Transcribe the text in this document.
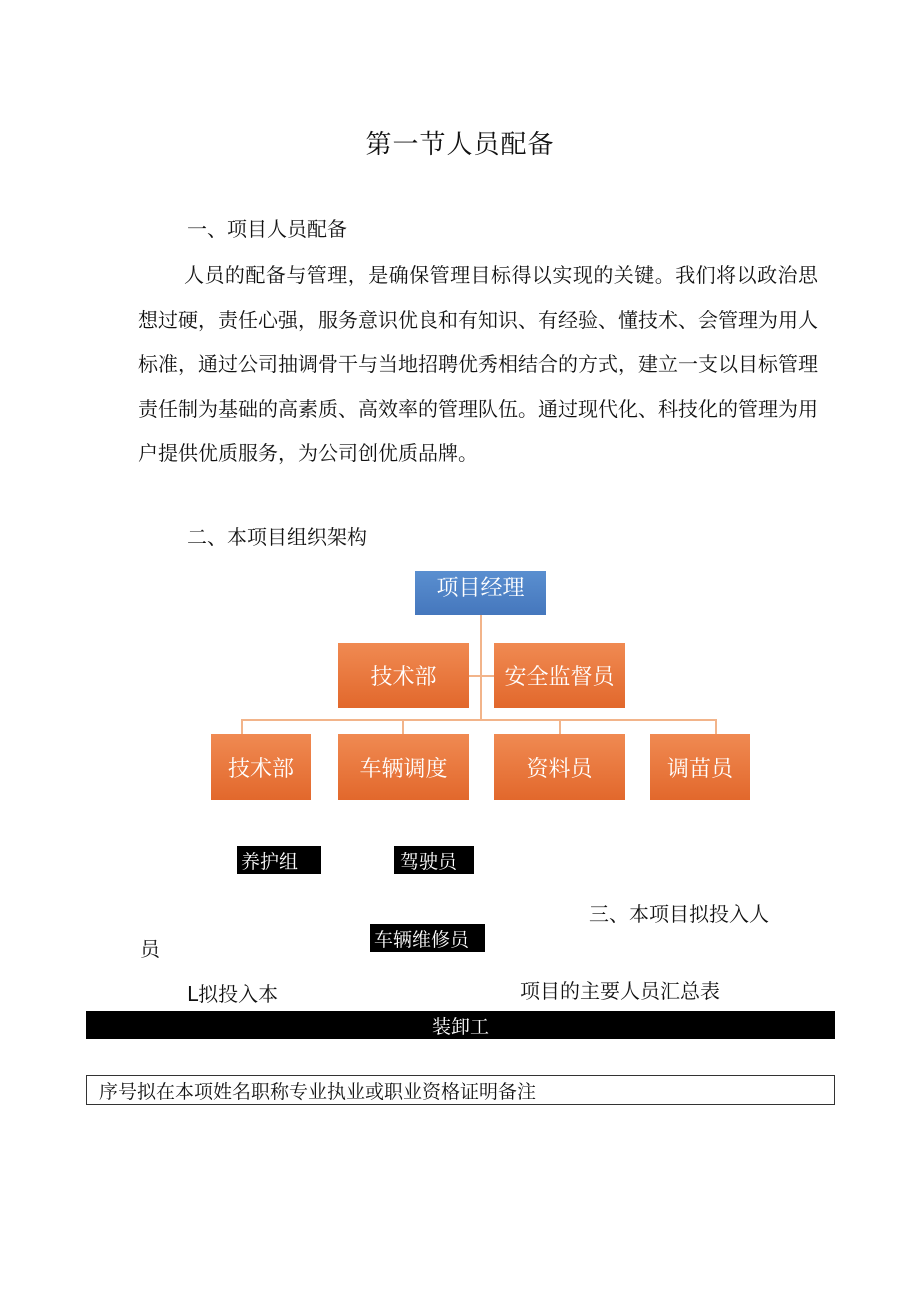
第一节人员配备
一、项目人员配备
人员的配备与管理，是确保管理目标得以实现的关键。我们将以政治思想过硬，责任心强，服务意识优良和有知识、有经验、懂技术、会管理为用人标准，通过公司抽调骨干与当地招聘优秀相结合的方式，建立一支以目标管理责任制为基础的高素质、高效率的管理队伍。通过现代化、科技化的管理为用户提供优质服务，为公司创优质品牌。
二、本项目组织架构
项目经理
技术部	安全监督员
技术部	车辆调度	资料员	调苗员
养护组	驾驶员
车辆维修员
三、本项目拟投入人
员
L拟投入本	项目的主要人员汇总表
装卸工
序号拟在本项姓名职称专业执业或职业资格证明备注
